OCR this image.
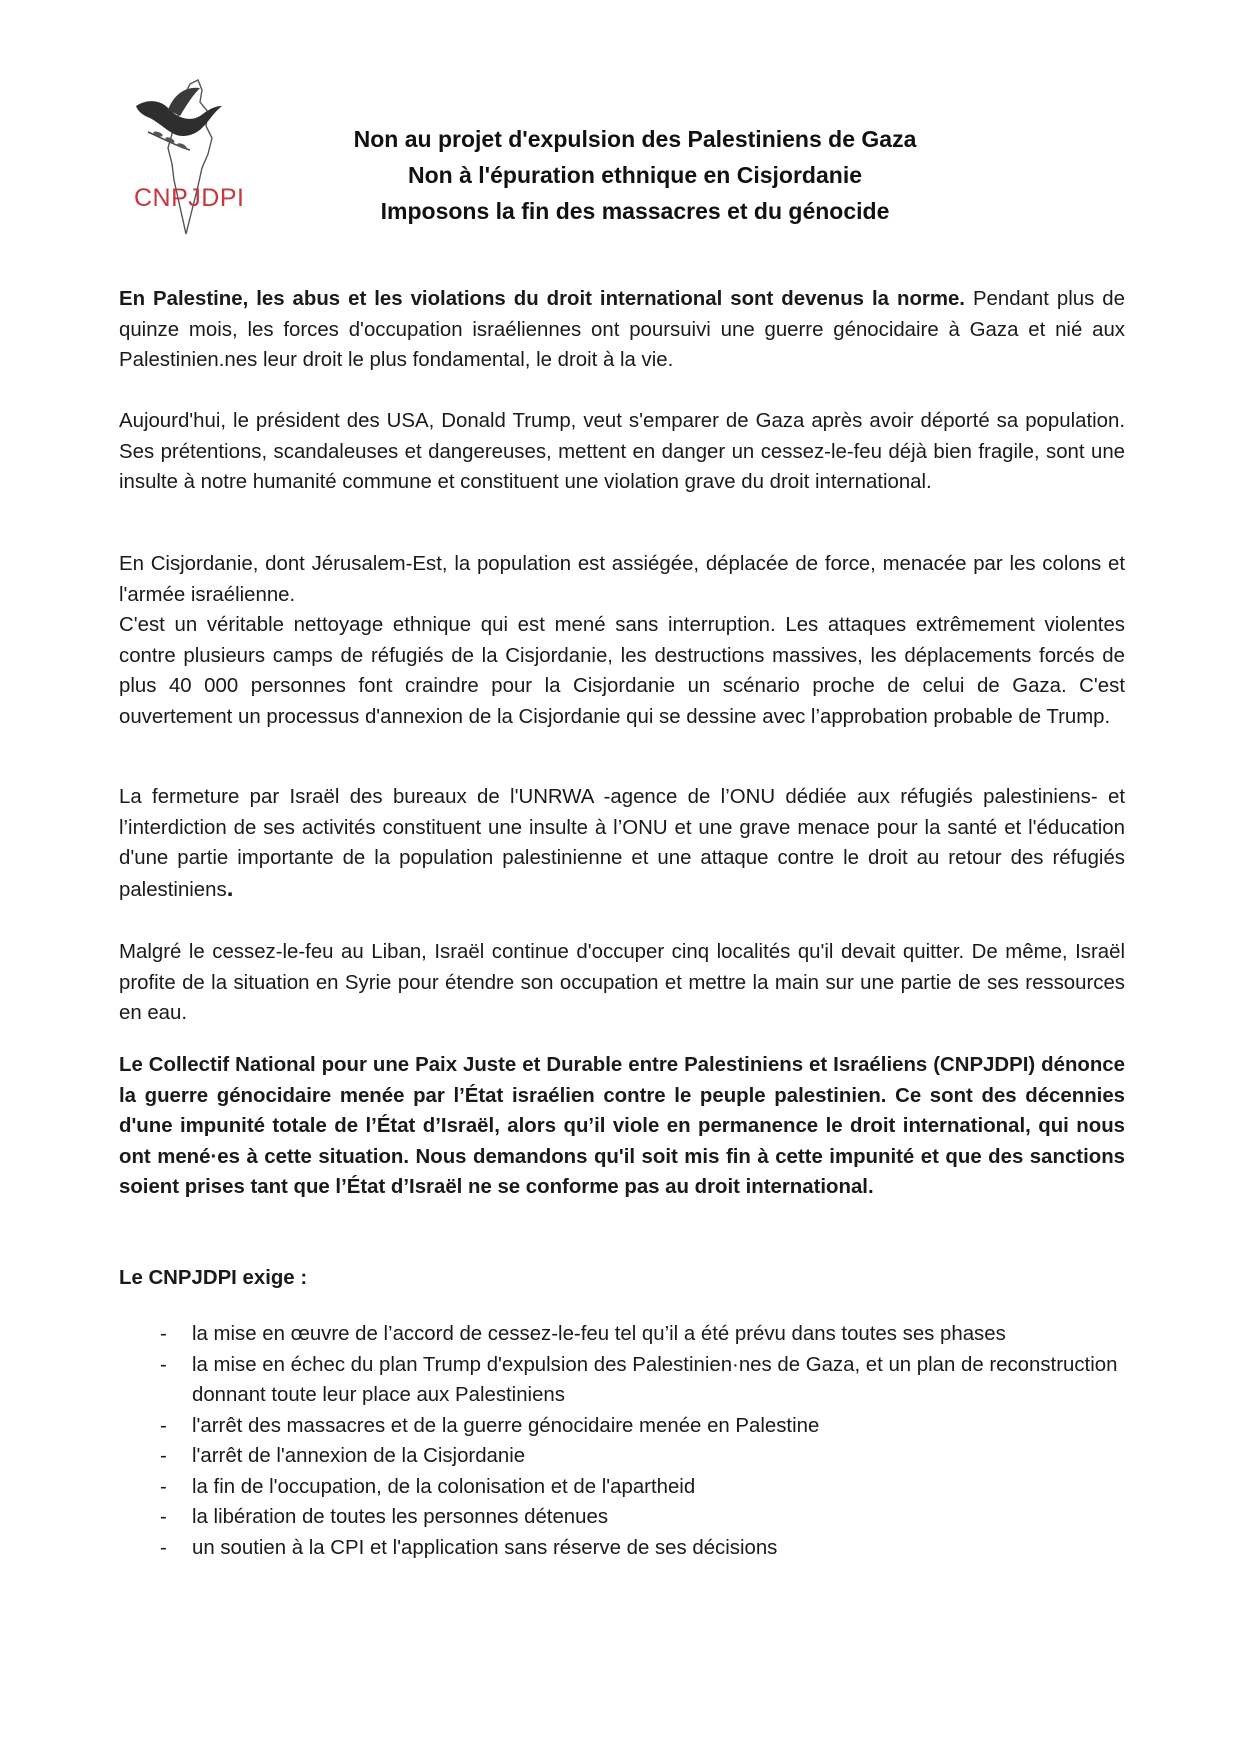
CNPJDPI
Non au projet d'expulsion des Palestiniens de Gaza
Non à l'épuration ethnique en Cisjordanie
Imposons la fin des massacres et du génocide

En Palestine, les abus et les violations du droit international sont devenus la norme. Pendant plus de quinze mois, les forces d'occupation israéliennes ont poursuivi une guerre génocidaire à Gaza et nié aux Palestinien.nes leur droit le plus fondamental, le droit à la vie.

Aujourd'hui, le président des USA, Donald Trump, veut s'emparer de Gaza après avoir déporté sa population. Ses prétentions, scandaleuses et dangereuses, mettent en danger un cessez-le-feu déjà bien fragile, sont une insulte à notre humanité commune et constituent une violation grave du droit international.

En Cisjordanie, dont Jérusalem-Est, la population est assiégée, déplacée de force, menacée par les colons et l'armée israélienne.

C'est un véritable nettoyage ethnique qui est mené sans interruption. Les attaques extrêmement violentes contre plusieurs camps de réfugiés de la Cisjordanie, les destructions massives, les déplacements forcés de plus 40 000 personnes font craindre pour la Cisjordanie un scénario proche de celui de Gaza. C'est ouvertement un processus d'annexion de la Cisjordanie qui se dessine avec l’approbation probable de Trump.

La fermeture par Israël des bureaux de l'UNRWA -agence de l’ONU dédiée aux réfugiés palestiniens- et l’interdiction de ses activités constituent une insulte à l’ONU et une grave menace pour la santé et l'éducation d'une partie importante de la population palestinienne et une attaque contre le droit au retour des réfugiés palestiniens.

Malgré le cessez-le-feu au Liban, Israël continue d'occuper cinq localités qu'il devait quitter. De même, Israël profite de la situation en Syrie pour étendre son occupation et mettre la main sur une partie de ses ressources en eau.

Le Collectif National pour une Paix Juste et Durable entre Palestiniens et Israéliens (CNPJDPI) dénonce la guerre génocidaire menée par l’État israélien contre le peuple palestinien. Ce sont des décennies d'une impunité totale de l’État d’Israël, alors qu’il viole en permanence le droit international, qui nous ont mené·es à cette situation. Nous demandons qu'il soit mis fin à cette impunité et que des sanctions soient prises tant que l’État d’Israël ne se conforme pas au droit international.

Le CNPJDPI exige :

- la mise en œuvre de l’accord de cessez-le-feu tel qu’il a été prévu dans toutes ses phases
- la mise en échec du plan Trump d'expulsion des Palestinien·nes de Gaza, et un plan de reconstruction donnant toute leur place aux Palestiniens
- l'arrêt des massacres et de la guerre génocidaire menée en Palestine
- l'arrêt de l'annexion de la Cisjordanie
- la fin de l'occupation, de la colonisation et de l'apartheid
- la libération de toutes les personnes détenues
- un soutien à la CPI et l'application sans réserve de ses décisions
